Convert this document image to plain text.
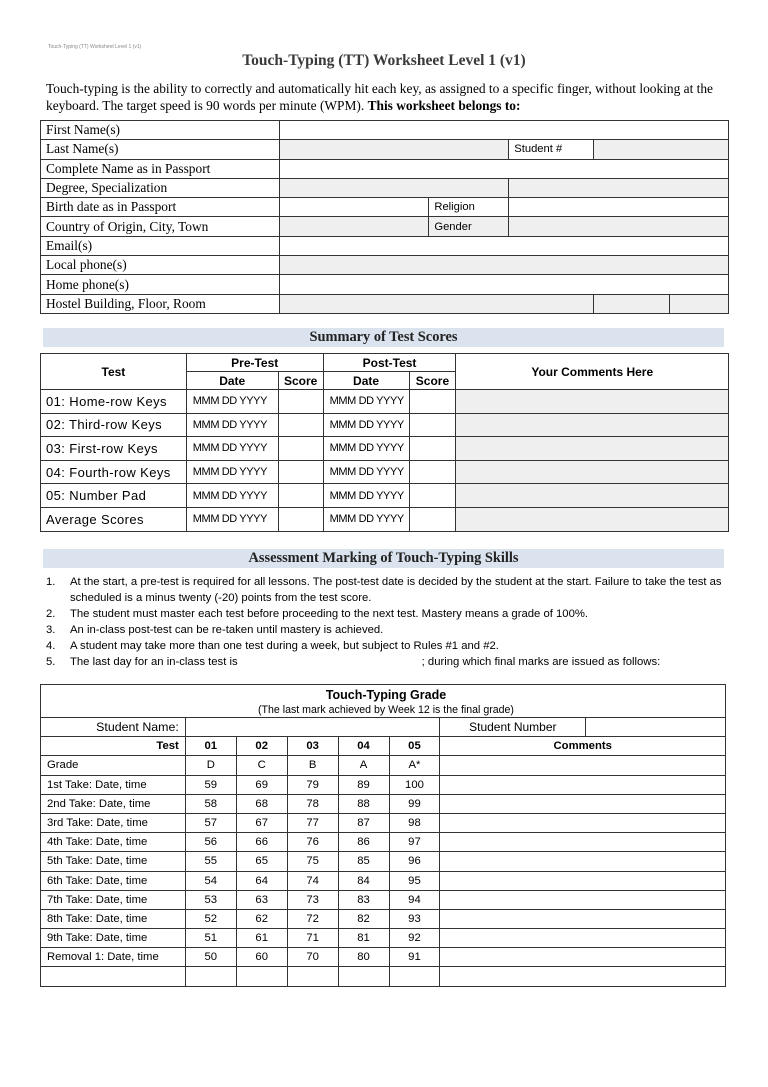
Touch-Typing (TT) Worksheet Level 1 (v1)
Touch-Typing (TT) Worksheet Level 1 (v1)
Touch-typing is the ability to correctly and automatically hit each key, as assigned to a specific finger, without looking at the keyboard. The target speed is 90 words per minute (WPM). This worksheet belongs to:
First Name(s)					
Last Name(s)			Student #		
Complete Name as in Passport					
Degree, Specialization					
Birth date as in Passport		Religion			
Country of Origin, City, Town		Gender			
Email(s)					
Local phone(s)					
Home phone(s)					
Hostel Building, Floor, Room					
Summary of Test Scores
Test	Pre-Test		Post-Test		Your Comments Here
	Date	Score	Date	Score	
01: Home-row Keys	MMM DD YYYY		MMM DD YYYY		
02: Third-row Keys	MMM DD YYYY		MMM DD YYYY		
03: First-row Keys	MMM DD YYYY		MMM DD YYYY		
04: Fourth-row Keys	MMM DD YYYY		MMM DD YYYY		
05: Number Pad	MMM DD YYYY		MMM DD YYYY		
Average Scores	MMM DD YYYY		MMM DD YYYY		
Assessment Marking of Touch-Typing Skills
1. At the start, a pre-test is required for all lessons. The post-test date is decided by the student at the start. Failure to take the test as scheduled is a minus twenty (-20) points from the test score.
2. The student must master each test before proceeding to the next test. Mastery means a grade of 100%.
3. An in-class post-test can be re-taken until mastery is achieved.
4. A student may take more than one test during a week, but subject to Rules #1 and #2.
5. The last day for an in-class test is	; during which final marks are issued as follows:
Touch-Typing Grade							
(The last mark achieved by Week 12 is the final grade)							
Student Name:						Student Number	
Test	01	02	03	04	05	Comments	
Grade	D	C	B	A	A*		
1st Take: Date, time	59	69	79	89	100		
2nd Take: Date, time	58	68	78	88	99		
3rd Take: Date, time	57	67	77	87	98		
4th Take: Date, time	56	66	76	86	97		
5th Take: Date, time	55	65	75	85	96		
6th Take: Date, time	54	64	74	84	95		
7th Take: Date, time	53	63	73	83	94		
8th Take: Date, time	52	62	72	82	93		
9th Take: Date, time	51	61	71	81	92		
Removal 1: Date, time	50	60	70	80	91		
